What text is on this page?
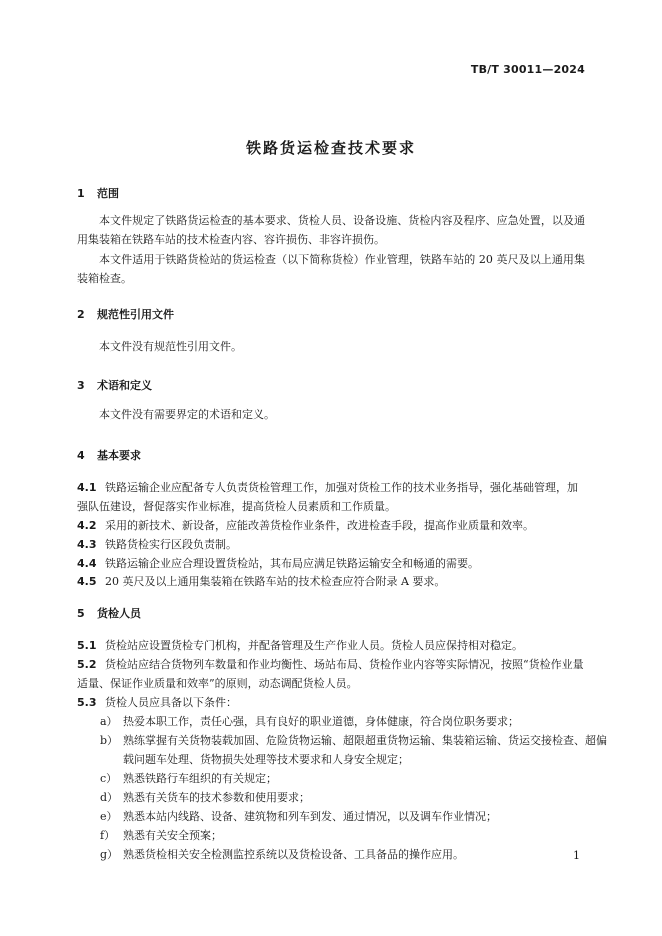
TB/T 30011—2024
铁路货运检查技术要求
1 范围
本文件规定了铁路货运检查的基本要求、货检人员、设备设施、货检内容及程序、应急处置，以及通用集装箱在铁路车站的技术检查内容、容许损伤、非容许损伤。
本文件适用于铁路货检站的货运检查（以下简称货检）作业管理，铁路车站的 20 英尺及以上通用集装箱检查。
2 规范性引用文件
本文件没有规范性引用文件。
3 术语和定义
本文件没有需要界定的术语和定义。
4 基本要求
4.1 铁路运输企业应配备专人负责货检管理工作，加强对货检工作的技术业务指导，强化基础管理，加强队伍建设，督促落实作业标准，提高货检人员素质和工作质量。
4.2 采用的新技术、新设备，应能改善货检作业条件，改进检查手段，提高作业质量和效率。
4.3 铁路货检实行区段负责制。
4.4 铁路运输企业应合理设置货检站，其布局应满足铁路运输安全和畅通的需要。
4.5 20 英尺及以上通用集装箱在铁路车站的技术检查应符合附录 A 要求。
5 货检人员
5.1 货检站应设置货检专门机构，并配备管理及生产作业人员。货检人员应保持相对稳定。
5.2 货检站应结合货物列车数量和作业均衡性、场站布局、货检作业内容等实际情况，按照“货检作业量适量、保证作业质量和效率”的原则，动态调配货检人员。
5.3 货检人员应具备以下条件：
a） 热爱本职工作，责任心强，具有良好的职业道德，身体健康，符合岗位职务要求；
b） 熟练掌握有关货物装载加固、危险货物运输、超限超重货物运输、集装箱运输、货运交接检查、超偏载问题车处理、货物损失处理等技术要求和人身安全规定；
c） 熟悉铁路行车组织的有关规定；
d） 熟悉有关货车的技术参数和使用要求；
e） 熟悉本站内线路、设备、建筑物和列车到发、通过情况，以及调车作业情况；
f） 熟悉有关安全预案；
g） 熟悉货检相关安全检测监控系统以及货检设备、工具备品的操作应用。	1
